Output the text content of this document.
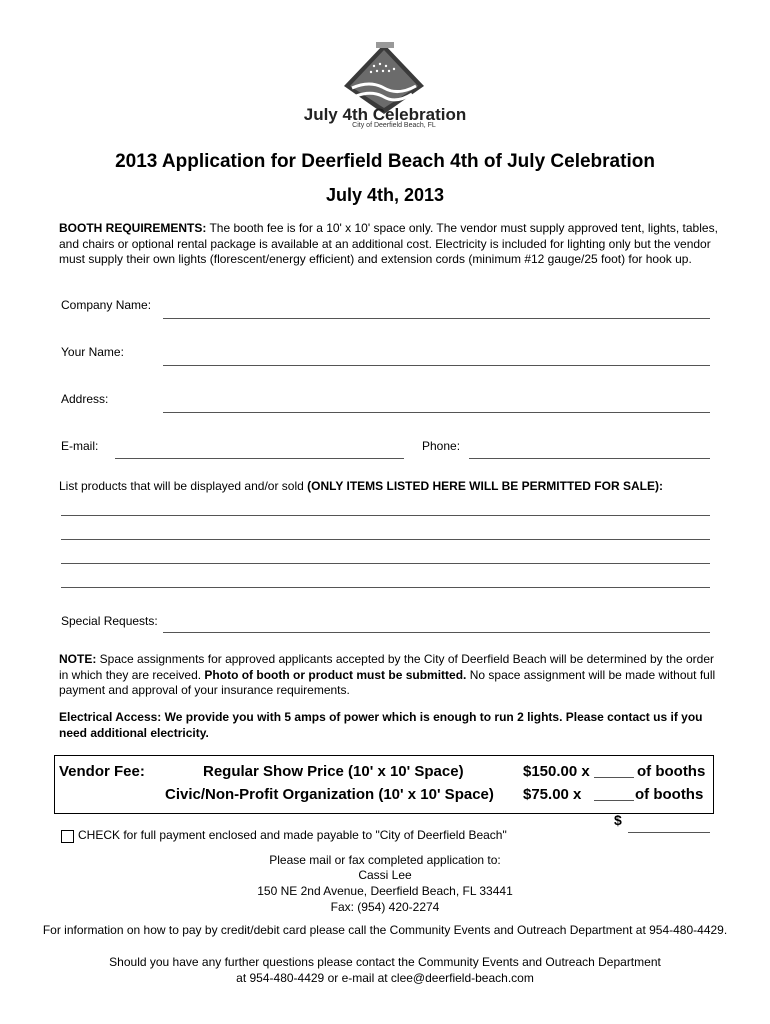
July 4th Celebration
City of Deerfield Beach, FL
2013 Application for Deerfield Beach 4th of July Celebration
July 4th, 2013
BOOTH REQUIREMENTS: The booth fee is for a 10' x 10' space only. The vendor must supply approved tent, lights, tables, and chairs or optional rental package is available at an additional cost. Electricity is included for lighting only but the vendor must supply their own lights (florescent/energy efficient) and extension cords (minimum #12 gauge/25 foot) for hook up.
Company Name:
Your Name:
Address:
E-mail:	Phone:
List products that will be displayed and/or sold (ONLY ITEMS LISTED HERE WILL BE PERMITTED FOR SALE):
Special Requests:
NOTE: Space assignments for approved applicants accepted by the City of Deerfield Beach will be determined by the order in which they are received. Photo of booth or product must be submitted. No space assignment will be made without full payment and approval of your insurance requirements.
Electrical Access: We provide you with 5 amps of power which is enough to run 2 lights. Please contact us if you need additional electricity.
Vendor Fee:	Regular Show Price (10' x 10' Space)	$150.00 x	of booths
Civic/Non-Profit Organization (10' x 10' Space) $75.00 x	of booths
$
CHECK for full payment enclosed and made payable to "City of Deerfield Beach"
Please mail or fax completed application to:
Cassi Lee
150 NE 2nd Avenue, Deerfield Beach, FL 33441
Fax: (954) 420-2274
For information on how to pay by credit/debit card please call the Community Events and Outreach Department at 954-480-4429.
Should you have any further questions please contact the Community Events and Outreach Department
at 954-480-4429 or e-mail at clee@deerfield-beach.com
